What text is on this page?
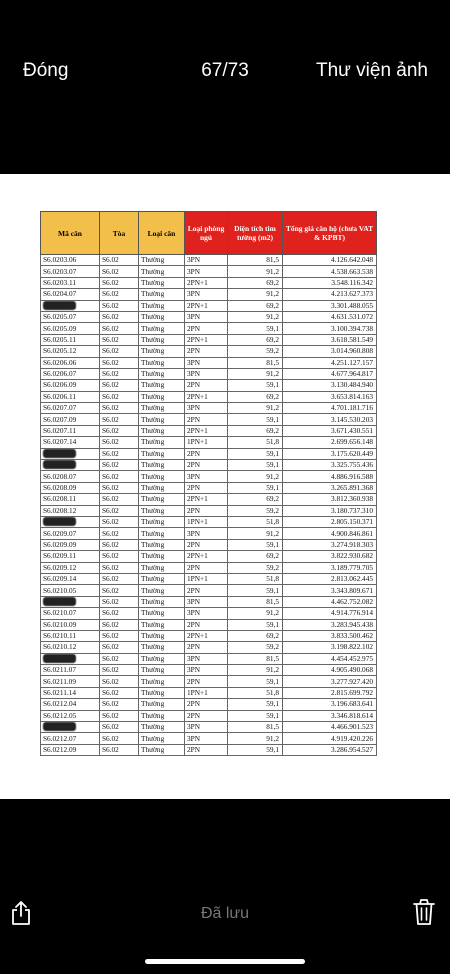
Đóng	67/73	Thư viện ảnh
Mã căn	Tòa	Loại căn	Loại phòng ngủ	Diện tích tim tường (m2)	Tổng giá căn hộ (chưa VAT & KPBT)
S6.0203.06	S6.02	Thường	3PN	81,5	4.126.642.048
S6.0203.07	S6.02	Thường	3PN	91,2	4.538.663.538
S6.0203.11	S6.02	Thường	2PN+1	69,2	3.548.116.342
S6.0204.07	S6.02	Thường	3PN	91,2	4.213.627.373
S6.0204.11	S6.02	Thường	2PN+1	69,2	3.301.488.055
S6.0205.07	S6.02	Thường	3PN	91,2	4.631.531.072
S6.0205.09	S6.02	Thường	2PN	59,1	3.100.394.738
S6.0205.11	S6.02	Thường	2PN+1	69,2	3.618.581.549
S6.0205.12	S6.02	Thường	2PN	59,2	3.014.960.808
S6.0206.06	S6.02	Thường	3PN	81,5	4.251.127.157
S6.0206.07	S6.02	Thường	3PN	91,2	4.677.964.817
S6.0206.09	S6.02	Thường	2PN	59,1	3.130.484.940
S6.0206.11	S6.02	Thường	2PN+1	69,2	3.653.814.163
S6.0207.07	S6.02	Thường	3PN	91,2	4.701.181.716
S6.0207.09	S6.02	Thường	2PN	59,1	3.145.530.203
S6.0207.11	S6.02	Thường	2PN+1	69,2	3.671.430.551
S6.0207.14	S6.02	Thường	1PN+1	51,8	2.699.656.148
S6.0208.04	S6.02	Thường	2PN	59,1	3.175.620.449
S6.0208.05	S6.02	Thường	2PN	59,1	3.325.755.436
S6.0208.07	S6.02	Thường	3PN	91,2	4.886.916.588
S6.0208.09	S6.02	Thường	2PN	59,1	3.265.891.368
S6.0208.11	S6.02	Thường	2PN+1	69,2	3.812.360.938
S6.0208.12	S6.02	Thường	2PN	59,2	3.180.737.310
S6.0208.14	S6.02	Thường	1PN+1	51,8	2.805.150.371
S6.0209.07	S6.02	Thường	3PN	91,2	4.900.846.861
S6.0209.09	S6.02	Thường	2PN	59,1	3.274.918.303
S6.0209.11	S6.02	Thường	2PN+1	69,2	3.822.930.682
S6.0209.12	S6.02	Thường	2PN	59,2	3.189.779.705
S6.0209.14	S6.02	Thường	1PN+1	51,8	2.813.062.445
S6.0210.05	S6.02	Thường	2PN	59,1	3.343.809.671
S6.0210.06	S6.02	Thường	3PN	81,5	4.462.752.082
S6.0210.07	S6.02	Thường	3PN	91,2	4.914.776.914
S6.0210.09	S6.02	Thường	2PN	59,1	3.283.945.438
S6.0210.11	S6.02	Thường	2PN+1	69,2	3.833.500.462
S6.0210.12	S6.02	Thường	2PN	59,2	3.198.822.102
S6.0211.06	S6.02	Thường	3PN	81,5	4.454.452.975
S6.0211.07	S6.02	Thường	3PN	91,2	4.905.490.068
S6.0211.09	S6.02	Thường	2PN	59,1	3.277.927.420
S6.0211.14	S6.02	Thường	1PN+1	51,8	2.815.699.792
S6.0212.04	S6.02	Thường	2PN	59,1	3.196.683.641
S6.0212.05	S6.02	Thường	2PN	59,1	3.346.818.614
S6.0212.06	S6.02	Thường	3PN	81,5	4.466.901.523
S6.0212.07	S6.02	Thường	3PN	91,2	4.919.420.226
S6.0212.09	S6.02	Thường	2PN	59,1	3.286.954.527
Đã lưu
